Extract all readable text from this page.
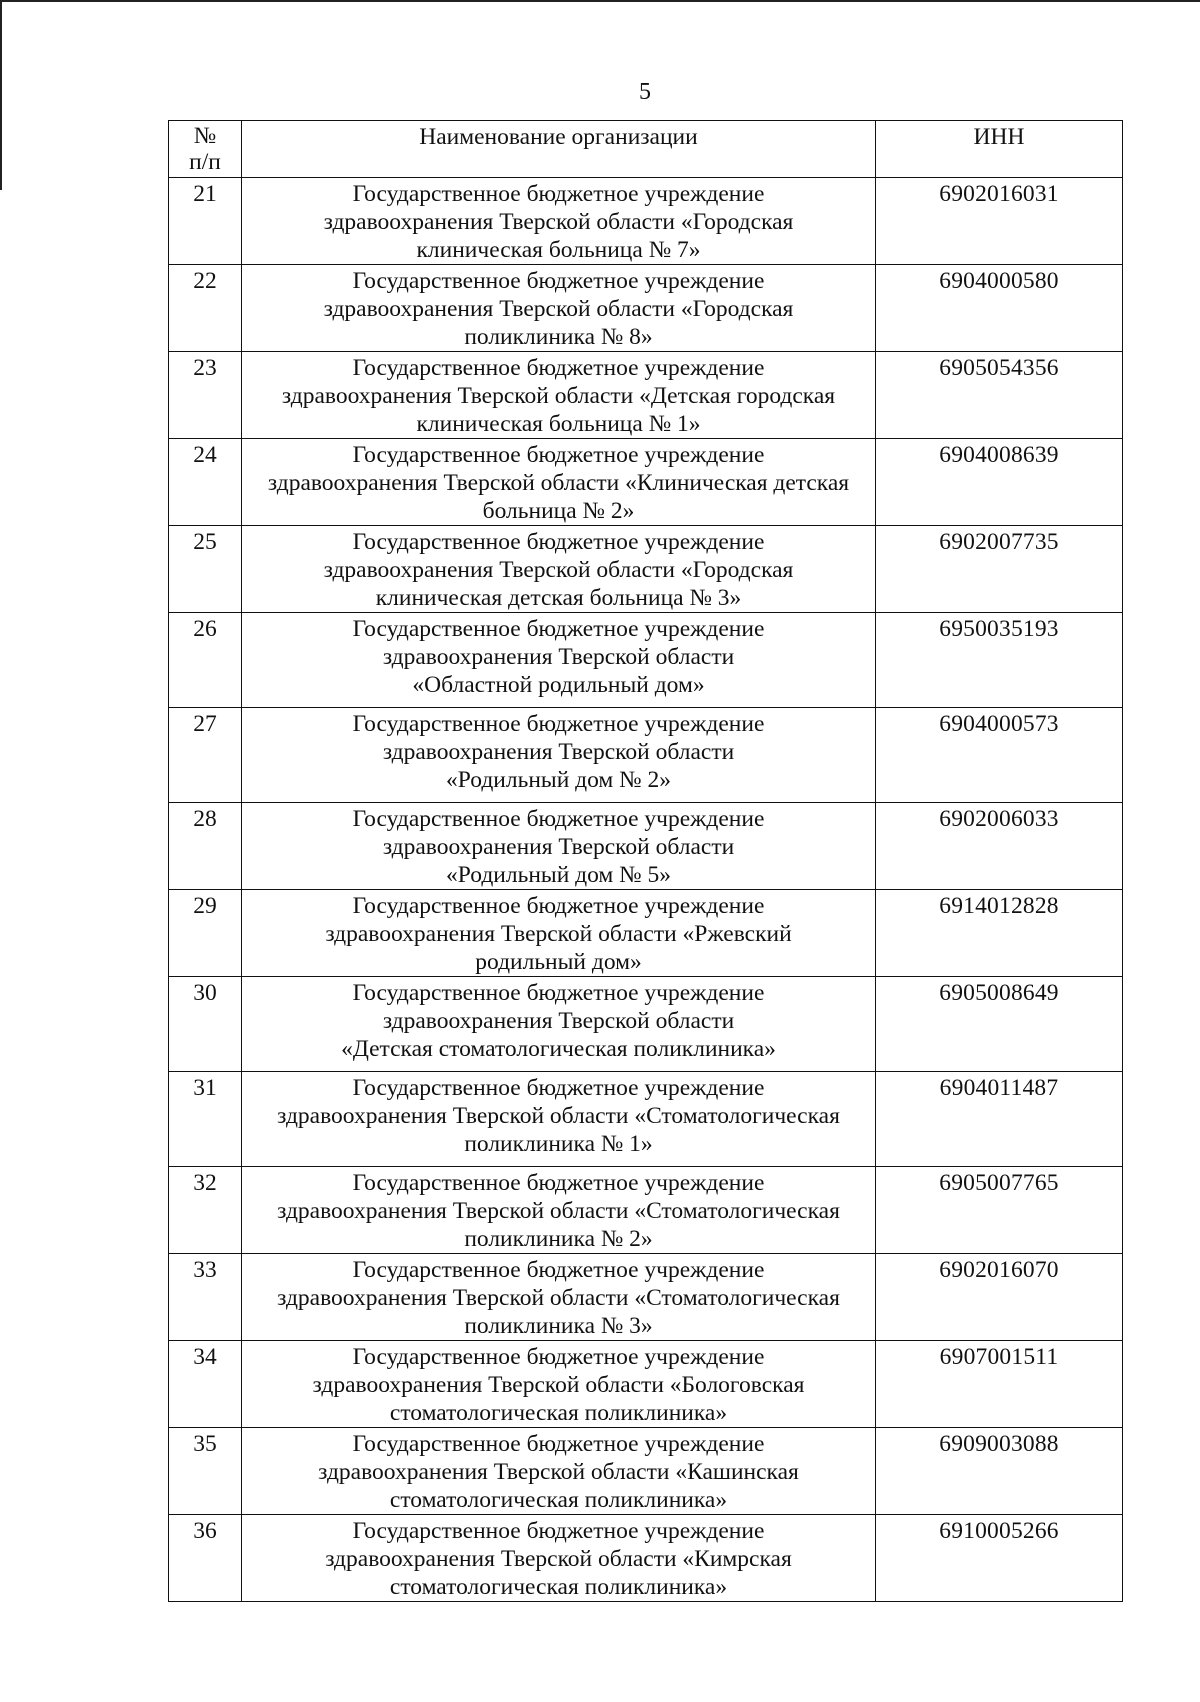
5
№
п/п	Наименование организации	ИНН
21	Государственное бюджетное учреждение
здравоохранения Тверской области «Городская
клиническая больница № 7»	6902016031
22	Государственное бюджетное учреждение
здравоохранения Тверской области «Городская
поликлиника № 8»	6904000580
23	Государственное бюджетное учреждение
здравоохранения Тверской области «Детская городская
клиническая больница № 1»	6905054356
24	Государственное бюджетное учреждение
здравоохранения Тверской области «Клиническая детская
больница № 2»	6904008639
25	Государственное бюджетное учреждение
здравоохранения Тверской области «Городская
клиническая детская больница № 3»	6902007735
26	Государственное бюджетное учреждение
здравоохранения Тверской области
«Областной родильный дом»	6950035193
27	Государственное бюджетное учреждение
здравоохранения Тверской области
«Родильный дом № 2»	6904000573
28	Государственное бюджетное учреждение
здравоохранения Тверской области
«Родильный дом № 5»	6902006033
29	Государственное бюджетное учреждение
здравоохранения Тверской области «Ржевский
родильный дом»	6914012828
30	Государственное бюджетное учреждение
здравоохранения Тверской области
«Детская стоматологическая поликлиника»	6905008649
31	Государственное бюджетное учреждение
здравоохранения Тверской области «Стоматологическая
поликлиника № 1»	6904011487
32	Государственное бюджетное учреждение
здравоохранения Тверской области «Стоматологическая
поликлиника № 2»	6905007765
33	Государственное бюджетное учреждение
здравоохранения Тверской области «Стоматологическая
поликлиника № 3»	6902016070
34	Государственное бюджетное учреждение
здравоохранения Тверской области «Бологовская
стоматологическая поликлиника»	6907001511
35	Государственное бюджетное учреждение
здравоохранения Тверской области «Кашинская
стоматологическая поликлиника»	6909003088
36	Государственное бюджетное учреждение
здравоохранения Тверской области «Кимрская
стоматологическая поликлиника»	6910005266
